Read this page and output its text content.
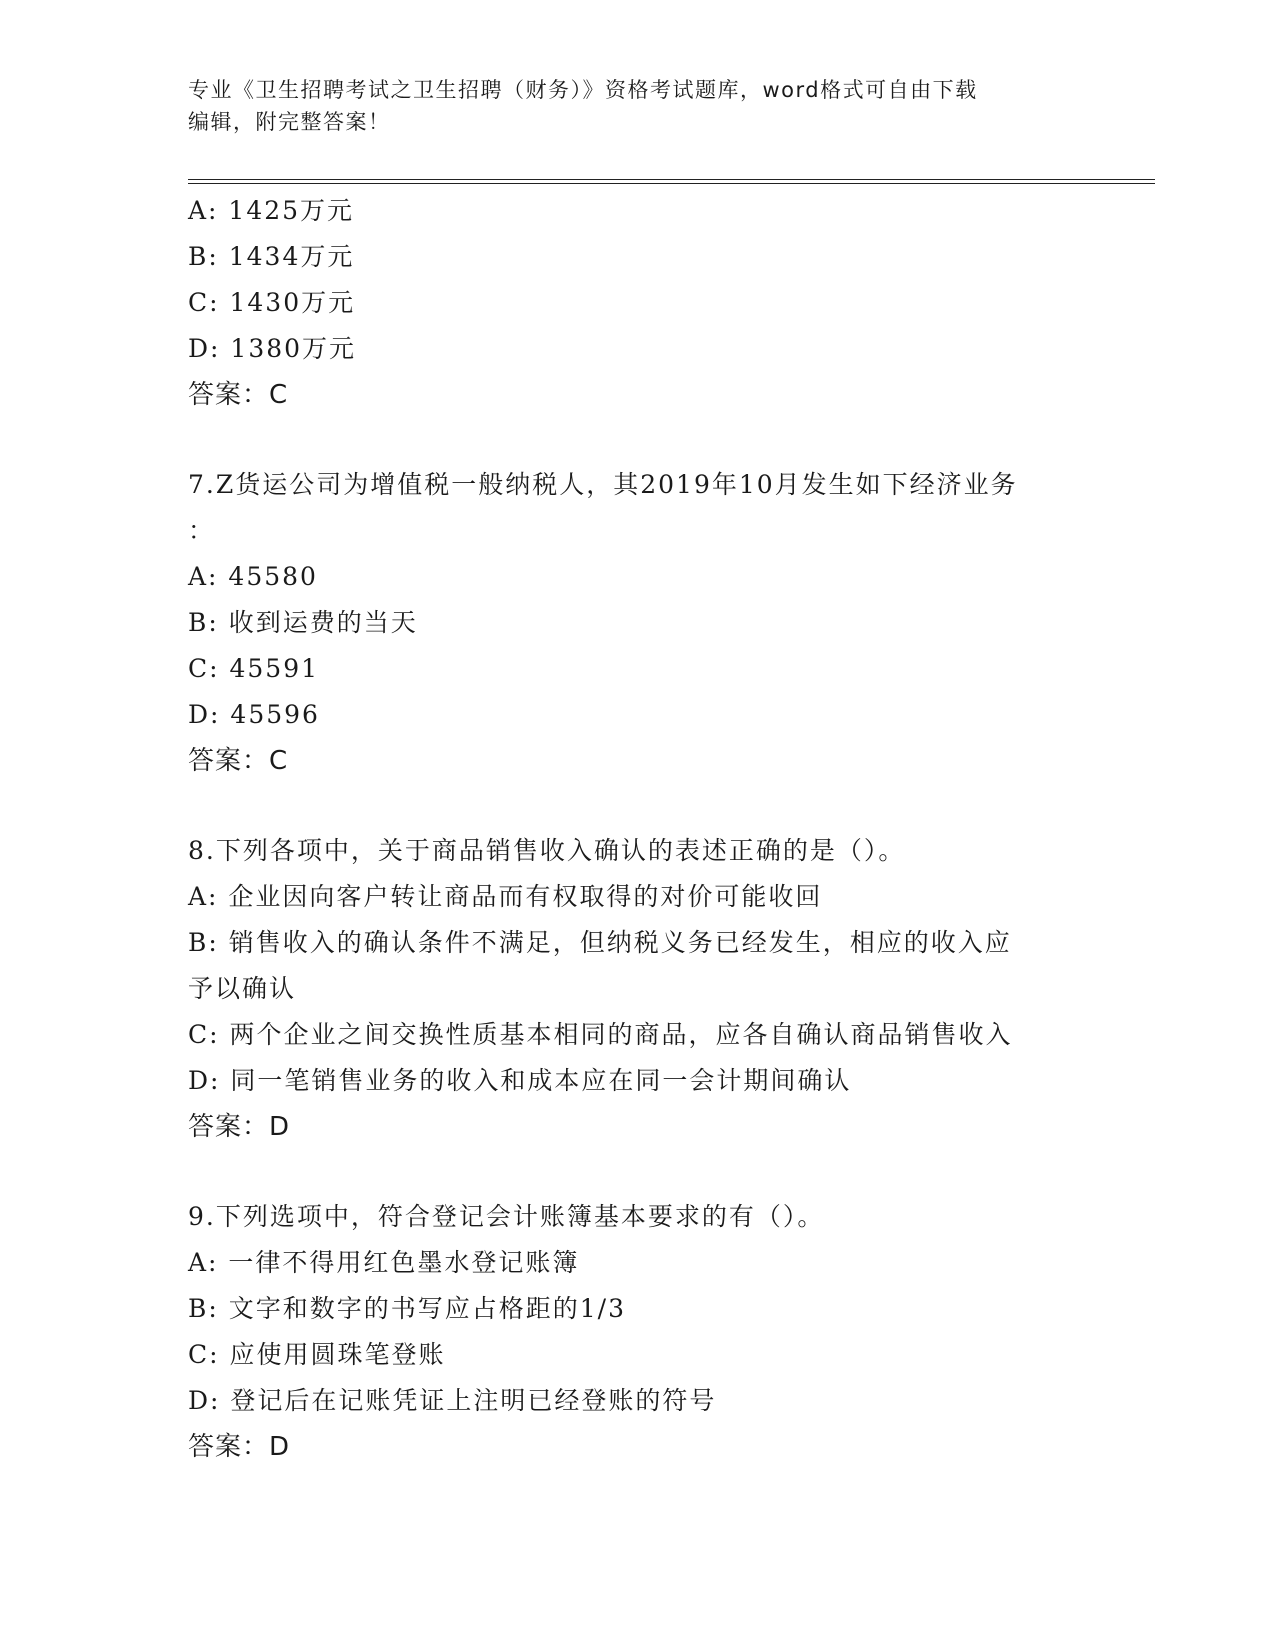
专业《卫生招聘考试之卫生招聘（财务）》资格考试题库，word格式可自由下载
编辑，附完整答案！
A: 1425万元
B: 1434万元
C: 1430万元
D: 1380万元
答案：C
7.Z货运公司为增值税一般纳税人，其2019年10月发生如下经济业务
：
A: 45580
B: 收到运费的当天
C: 45591
D: 45596
答案：C
8.下列各项中，关于商品销售收入确认的表述正确的是（）。
A: 企业因向客户转让商品而有权取得的对价可能收回
B: 销售收入的确认条件不满足，但纳税义务已经发生，相应的收入应
予以确认
C: 两个企业之间交换性质基本相同的商品，应各自确认商品销售收入
D: 同一笔销售业务的收入和成本应在同一会计期间确认
答案：D
9.下列选项中，符合登记会计账簿基本要求的有（）。
A: 一律不得用红色墨水登记账簿
B: 文字和数字的书写应占格距的1/3
C: 应使用圆珠笔登账
D: 登记后在记账凭证上注明已经登账的符号
答案：D
